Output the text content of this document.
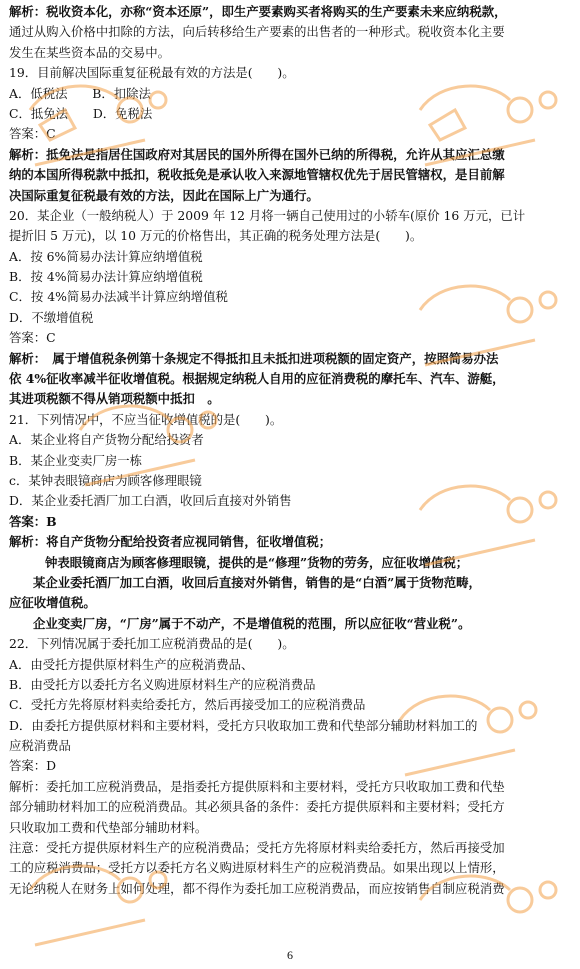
解析：税收资本化，亦称“资本还原”，即生产要素购买者将购买的生产要素未来应纳税款，
通过从购入价格中扣除的方法，向后转移给生产要素的出售者的一种形式。税收资本化主要
发生在某些资本品的交易中。
19．目前解决国际重复征税最有效的方法是(　　)。
A．低税法　　B．扣除法
C．抵免法　　D．免税法
答案：C
解析：抵免法是指居住国政府对其居民的国外所得在国外已纳的所得税，允许从其应汇总缴
纳的本国所得税款中抵扣，税收抵免是承认收入来源地管辖权优先于居民管辖权，是目前解
决国际重复征税最有效的方法，因此在国际上广为通行。
20．某企业（一般纳税人）于 2009 年 12 月将一辆自己使用过的小轿车(原价 16 万元，已计
提折旧 5 万元)，以 10 万元的价格售出，其正确的税务处理方法是(　　)。
A．按 6%简易办法计算应纳增值税
B．按 4%简易办法计算应纳增值税
C．按 4%简易办法减半计算应纳增值税
D．不缴增值税
答案：C
解析：　属于增值税条例第十条规定不得抵扣且未抵扣进项税额的固定资产，按照简易办法
依 4%征收率减半征收增值税。根据规定纳税人自用的应征消费税的摩托车、汽车、游艇，
其进项税额不得从销项税额中抵扣　。
21．下列情况中，不应当征收增值税的是(　　)。
A．某企业将自产货物分配给投资者
B．某企业变卖厂房一栋
c．某钟表眼镜商店为顾客修理眼镜
D．某企业委托酒厂加工白酒，收回后直接对外销售
答案：B
解析：将自产货物分配给投资者应视同销售，征收增值税；
钟表眼镜商店为顾客修理眼镜，提供的是“修理”货物的劳务，应征收增值税；
某企业委托酒厂加工白酒，收回后直接对外销售，销售的是“白酒”属于货物范畴，
应征收增值税。
企业变卖厂房，“厂房”属于不动产，不是增值税的范围，所以应征收“营业税”。
22．下列情况属于委托加工应税消费品的是(　　)。
A．由受托方提供原材料生产的应税消费品、
B．由受托方以委托方名义购进原材料生产的应税消费品
C．受托方先将原材料卖给委托方，然后再接受加工的应税消费品
D．由委托方提供原材料和主要材料，受托方只收取加工费和代垫部分辅助材料加工的
应税消费品
答案：D
解析：委托加工应税消费品，是指委托方提供原料和主要材料，受托方只收取加工费和代垫
部分辅助材料加工的应税消费品。其必须具备的条件：委托方提供原料和主要材料；受托方
只收取加工费和代垫部分辅助材料。
注意：受托方提供原材料生产的应税消费品；受托方先将原材料卖给委托方，然后再接受加
工的应税消费品；受托方以委托方名义购进原材料生产的应税消费品。如果出现以上情形，
无论纳税人在财务上如何处理，都不得作为委托加工应税消费品，而应按销售自制应税消费
6
